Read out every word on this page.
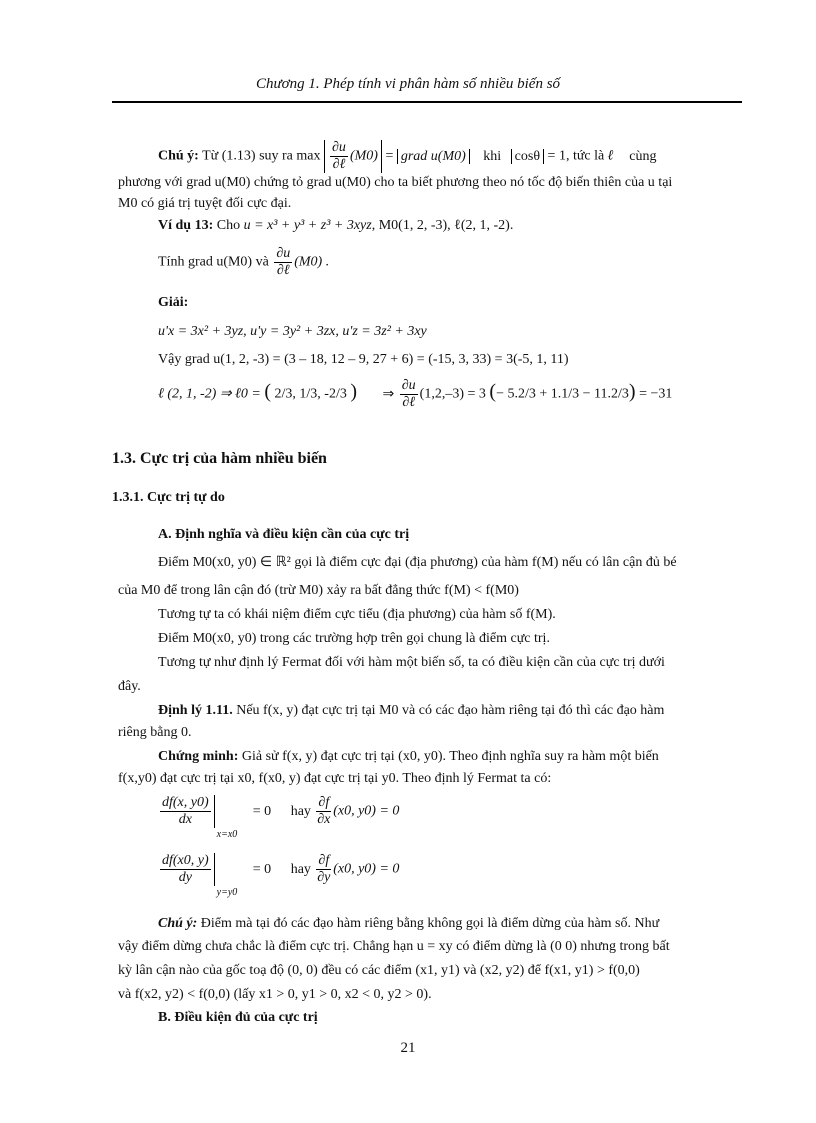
Chương 1. Phép tính vi phân hàm số nhiều biến số
Chú ý: Từ (1.13) suy ra $\max \frac{\partial u}{\text{∂ℓ}} (M0)$ = grad u(M0) khi cosθ = 1, tức là ℓ cùng
phương với grad u(M0) chứng tỏ grad u(M0) cho ta biết phương theo nó tốc độ biến thiên của u tại
M0 có giá trị tuyệt đối cực đại.
Ví dụ 13: Cho u = x³ + y³ + z³ + 3xyz, M0(1, 2, -3), ℓ(2, 1, -2).
Tính grad u(M0) và $\frac{\partial u}{\text{∂ℓ}} (M0)$ .
Giải:
u'x = 3x² + 3yz, u'y = 3y² + 3zx, u'z = 3z² + 3xy
Vậy grad u(1, 2, -3) = (3 – 18, 12 – 9, 27 + 6) = (-15, 3, 33) = 3(-5, 1, 11)
ℓ (2, 1, -2) ⇒ ℓ0 = ( 2/3, 1/3, -2/3 ) ⇒ $\frac{\partial u}{\text{∂ℓ}} (1,2,-3) = 3$ (− 5.2/3 + 1.1/3 − 11.2/3) = −31
1.3. Cực trị của hàm nhiều biến
1.3.1. Cực trị tự do
A. Định nghĩa và điều kiện cần của cực trị
Điểm M0(x0, y0) ∈ ℝ² gọi là điểm cực đại (địa phương) của hàm f(M) nếu có lân cận đủ bé
của M0 để trong lân cận đó (trừ M0) xảy ra bất đẳng thức f(M) < f(M0)
Tương tự ta có khái niệm điểm cực tiểu (địa phương) của hàm số f(M).
Điểm M0(x0, y0) trong các trường hợp trên gọi chung là điểm cực trị.
Tương tự như định lý Fermat đối với hàm một biến số, ta có điều kiện cần của cực trị dưới
đây.
Định lý 1.11. Nếu f(x, y) đạt cực trị tại M0 và có các đạo hàm riêng tại đó thì các đạo hàm
riêng bằng 0.
Chứng minh: Giả sử f(x, y) đạt cực trị tại (x0, y0). Theo định nghĩa suy ra hàm một biến
f(x,y0) đạt cực trị tại x0, f(x0, y) đạt cực trị tại y0. Theo định lý Fermat ta có:
$\frac{df(x, y0)}{dx}$
$_{x=x0}$ = 0 hay $\frac{\partial f}{\partial x} (x0$, y0) = 0
$\frac{df(x0, y)}{dy}$
$_{y=y0}$ = 0 hay $\frac{\partial f}{\partial y} (x0$, y0) = 0
Chú ý: Điểm mà tại đó các đạo hàm riêng bằng không gọi là điểm dừng của hàm số. Như
vậy điểm dừng chưa chắc là điểm cực trị. Chẳng hạn u = xy có điểm dừng là (0 0) nhưng trong bất
kỳ lân cận nào của gốc toạ độ (0, 0) đều có các điểm (x1, y1) và (x2, y2) để f(x1, y1) > f(0,0)
và f(x2, y2) < f(0,0) (lấy x1 > 0, y1 > 0, x2 < 0, y2 > 0).
B. Điều kiện đủ của cực trị
21
